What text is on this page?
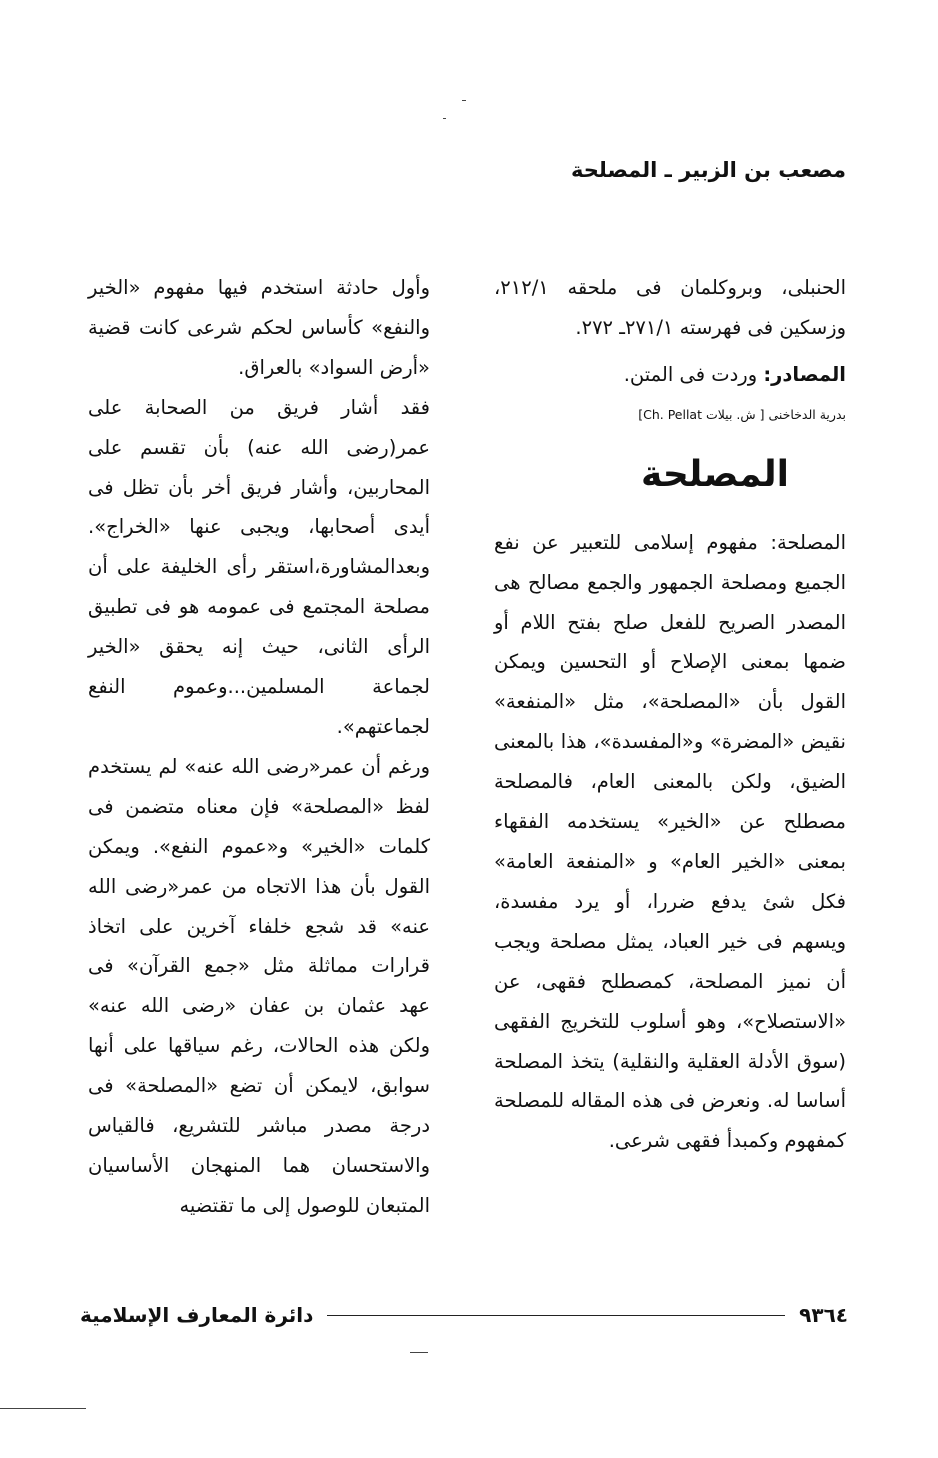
مصعب بن الزبير ـ المصلحة

الحنبلى، وبروكلمان فى ملحقه ٢١٢/١، وزسكين فى فهرسته ٢٧١/١ـ ٢٧٢.

المصادر: وردت فى المتن.

بدرية الدخاخنى [ ش. بيلات Ch. Pellat]

المصلحة

المصلحة: مفهوم إسلامى للتعبير عن نفع الجميع ومصلحة الجمهور والجمع مصالح هى المصدر الصريح للفعل صلح بفتح اللام أو ضمها بمعنى الإصلاح أو التحسين ويمكن القول بأن «المصلحة»، مثل «المنفعة» نقيض «المضرة» و«المفسدة»، هذا بالمعنى الضيق، ولكن بالمعنى العام، فالمصلحة مصطلح عن «الخير» يستخدمه الفقهاء بمعنى «الخير العام» و «المنفعة العامة» فكل شئ يدفع ضررا، أو يرد مفسدة، ويسهم فى خير العباد، يمثل مصلحة ويجب أن نميز المصلحة، كمصطلح فقهى، عن «الاستصلاح»، وهو أسلوب للتخريج الفقهى (سوق الأدلة العقلية والنقلية) يتخذ المصلحة أساسا له. ونعرض فى هذه المقاله للمصلحة كمفهوم وكمبدأ فقهى شرعى.

وأول حادثة استخدم فيها مفهوم «الخير والنفع» كأساس لحكم شرعى كانت قضية «أرض السواد» بالعراق.

فقد أشار فريق من الصحابة على عمر(رضى الله عنه) بأن تقسم على المحاربين، وأشار فريق أخر بأن تظل فى أيدى أصحابها، ويجبى عنها «الخراج». وبعدالمشاورة،استقر رأى الخليفة على أن مصلحة المجتمع فى عمومه هو فى تطبيق الرأى الثانى، حيث إنه يحقق «الخير لجماعة المسلمين...وعموم النفع لجماعتهم».

ورغم أن عمر«رضى الله عنه» لم يستخدم لفظ «المصلحة» فإن معناه متضمن فى كلمات «الخير» و«عموم النفع». ويمكن القول بأن هذا الاتجاه من عمر«رضى الله عنه» قد شجع خلفاء آخرين على اتخاذ قرارات مماثلة مثل «جمع القرآن» فى عهد عثمان بن عفان «رضى الله عنه» ولكن هذه الحالات، رغم سياقها على أنها سوابق، لايمكن أن تضع «المصلحة» فى درجة مصدر مباشر للتشريع، فالقياس والاستحسان هما المنهجان الأساسيان المتبعان للوصول إلى ما تقتضيه

٩٣٦٤
دائرة المعارف الإسلامية
